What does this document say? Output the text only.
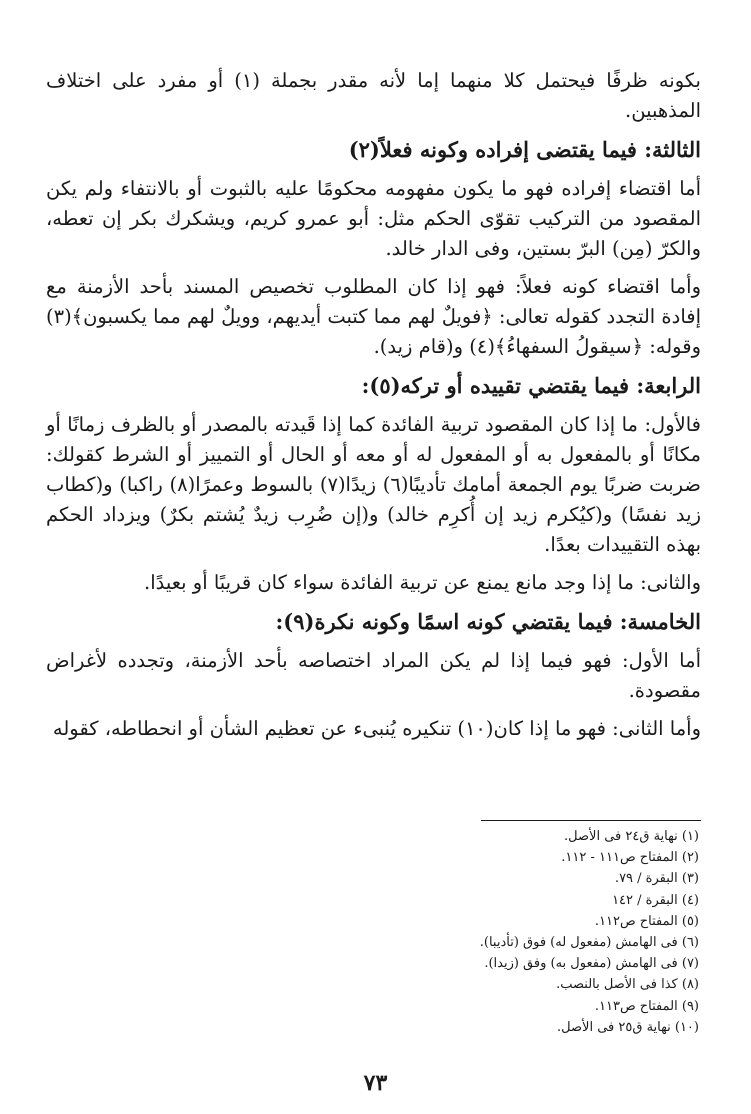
بكونه ظرفًا فيحتمل كلا منهما إما لأنه مقدر بجملة (١) أو مفرد على اختلاف المذهبين.

الثالثة: فيما يقتضى إفراده وكونه فعلاً(٢)

أما اقتضاء إفراده فهو ما يكون مفهومه محكومًا عليه بالثبوت أو بالانتفاء ولم يكن المقصود من التركيب تقوّى الحكم مثل: أبو عمرو كريم، ويشكرك بكر إن تعطه، والكرّ (مِن) البرّ بستين، وفى الدار خالد.

وأما اقتضاء كونه فعلاً: فهو إذا كان المطلوب تخصيص المسند بأحد الأزمنة مع إفادة التجدد كقوله تعالى: ﴿فويلٌ لهم مما كتبت أيديهم، وويلٌ لهم مما يكسبون﴾(٣) وقوله: ﴿سيقولُ السفهاءُ﴾(٤) و(قام زيد).

الرابعة: فيما يقتضي تقييده أو تركه(٥):

فالأول: ما إذا كان المقصود تربية الفائدة كما إذا قَيدته بالمصدر أو بالظرف زمانًا أو مكانًا أو بالمفعول به أو المفعول له أو معه أو الحال أو التمييز أو الشرط كقولك: ضربت ضربًا يوم الجمعة أمامك تأديبًا(٦) زيدًا(٧) بالسوط وعمرًا(٨) راكبا) و(كطاب زيد نفسًا) و(كيُكرم زيد إن أُكرِم خالد) و(إن ضُرِب زيدٌ يُشتم بكرٌ) ويزداد الحكم بهذه التقييدات بعدًا.

والثانى: ما إذا وجد مانع يمنع عن تربية الفائدة سواء كان قريبًا أو بعيدًا.

الخامسة: فيما يقتضي كونه اسمًا وكونه نكرة(٩):

أما الأول: فهو فيما إذا لم يكن المراد اختصاصه بأحد الأزمنة، وتجدده لأغراض مقصودة.

وأما الثانى: فهو ما إذا كان(١٠) تنكيره يُنبىء عن تعظيم الشأن أو انحطاطه، كقوله

(١) نهاية ق٢٤ فى الأصل.
(٢) المفتاح ص١١١ - ١١٢.
(٣) البقرة / ٧٩.
(٤) البقرة / ١٤٢
(٥) المفتاح ص١١٢.
(٦) فى الهامش (مفعول له) فوق (تأديبا).
(٧) فى الهامش (مفعول به) وفق (زيدا).
(٨) كذا فى الأصل بالنصب.
(٩) المفتاح ص١١٣.
(١٠) نهاية ق٢٥ فى الأصل.
٧٣
